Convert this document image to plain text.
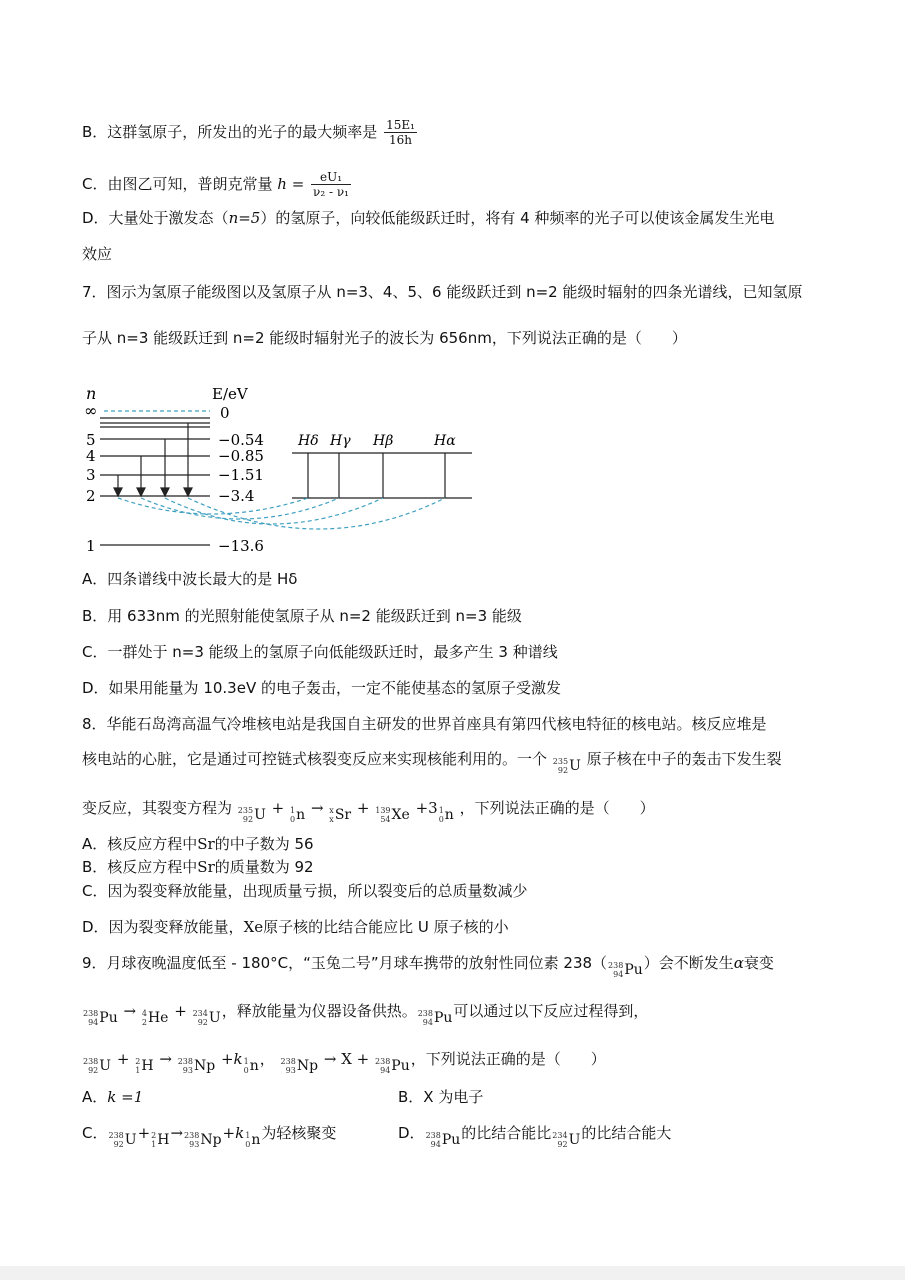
B．这群氢原子，所发出的光子的最大频率是 $\frac{\text{15E₁}}{16h}$
C．由图乙可知，普朗克常量 $h = \frac{\text{eU₁}}{\text{ν₂ - ν₁}}$
D．大量处于激发态（n=5）的氢原子，向较低能级跃迁时，将有 4 种频率的光子可以使该金属发生光电
效应
7．图示为氢原子能级图以及氢原子从 n=3、4、5、6 能级跃迁到 n=2 能级时辐射的四条光谱线，已知氢原
子从 n=3 能级跃迁到 n=2 能级时辐射光子的波长为 656nm，下列说法正确的是（　　）
n	E/eV
∞	0
5	−0.54
4	−0.85
3	−1.51
2	−3.4
1	−13.6
Hδ Hγ Hβ	Hα
A．四条谱线中波长最大的是 Hδ
B．用 633nm 的光照射能使氢原子从 n=2 能级跃迁到 n=3 能级
C．一群处于 n=3 能级上的氢原子向低能级跃迁时，最多产生 3 种谱线
D．如果用能量为 10.3eV 的电子轰击，一定不能使基态的氢原子受激发
8．华能石岛湾高温气冷堆核电站是我国自主研发的世界首座具有第四代核电特征的核电站。核反应堆是
核电站的心脏，它是通过可控链式核裂变反应来实现核能利用的。一个 235
92 U 原子核在中子的轰击下发生裂
变反应，其裂变方程为 235
92 U + 1
0 n → x
x Sr + 139
54 Xe +3 1
0 n ，下列说法正确的是（　　）
A．核反应方程中Sr的中子数为 56
B．核反应方程中Sr的质量数为 92
C．因为裂变释放能量，出现质量亏损，所以裂变后的总质量数减少
D．因为裂变释放能量，Xe原子核的比结合能应比 U 原子核的小
9．月球夜晚温度低至 - 180°C，“玉兔二号”月球车携带的放射性同位素 238（ 238
94 Pu ）会不断发生α衰变
238
94 Pu → 4
2 He + 234
92 U ，释放能量为仪器设备供热。 238
94 Pu 可以通过以下反应过程得到，
238
92 U + 2
1 H → 238
93 Np +k 1
0 n ， 238
93 Np → X + 238
94 Pu ，下列说法正确的是（　　）
A．k =1	B．X 为电子
C． 238
92 U + 2
1 H → 238
93 Np +k 1
0 n 为轻核聚变	D． 238
94 Pu 的比结合能比 234
92 U 的比结合能大
